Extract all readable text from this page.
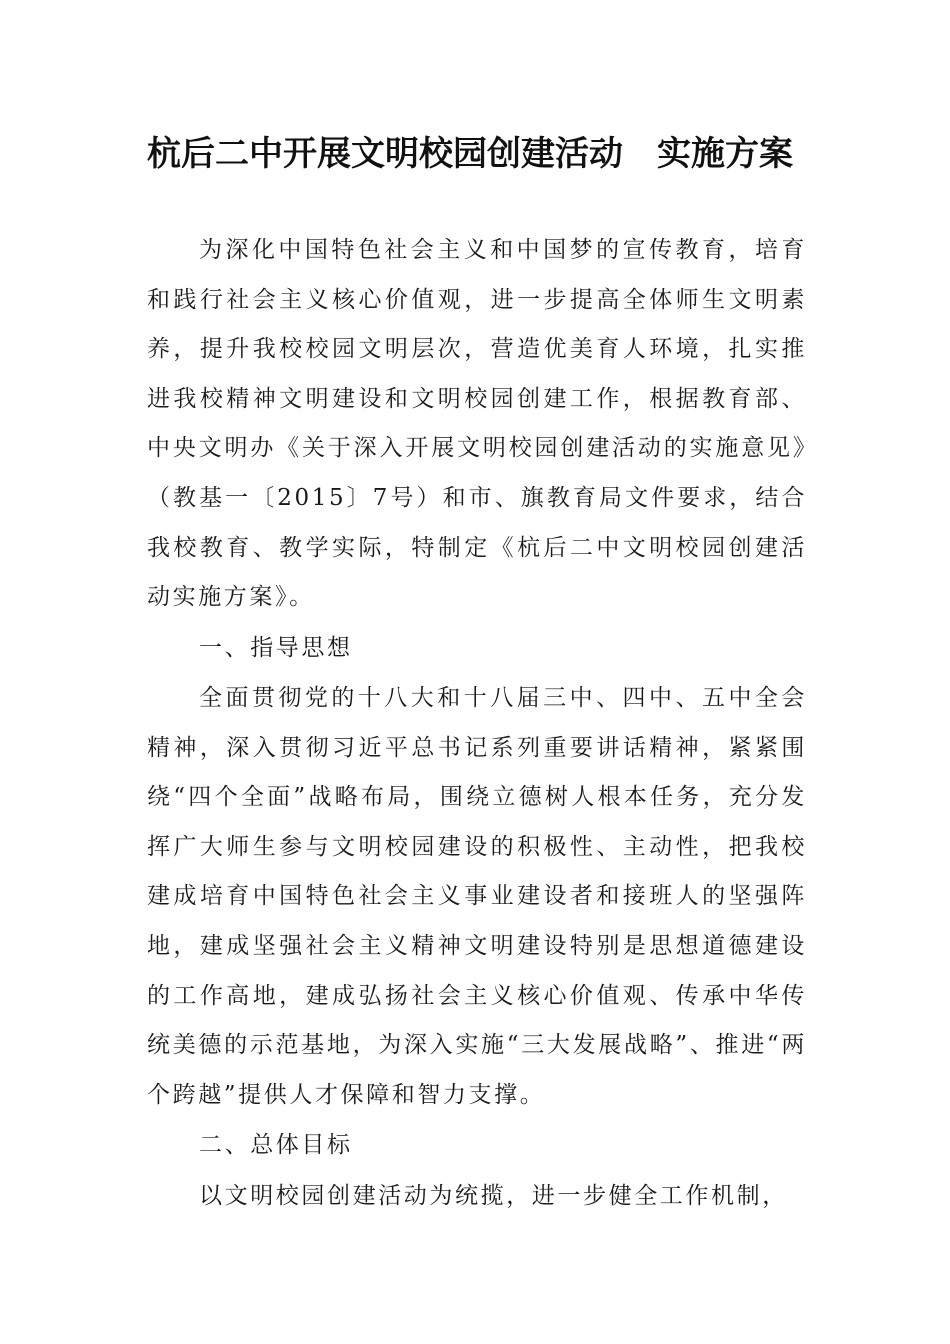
杭后二中开展文明校园创建活动　实施方案

为深化中国特色社会主义和中国梦的宣传教育，培育和践行社会主义核心价值观，进一步提高全体师生文明素养，提升我校校园文明层次，营造优美育人环境，扎实推进我校精神文明建设和文明校园创建工作，根据教育部、中央文明办《关于深入开展文明校园创建活动的实施意见》（教基一〔2015〕7号）和市、旗教育局文件要求，结合我校教育、教学实际，特制定《杭后二中文明校园创建活动实施方案》。

一、指导思想

全面贯彻党的十八大和十八届三中、四中、五中全会精神，深入贯彻习近平总书记系列重要讲话精神，紧紧围绕“四个全面”战略布局，围绕立德树人根本任务，充分发挥广大师生参与文明校园建设的积极性、主动性，把我校建成培育中国特色社会主义事业建设者和接班人的坚强阵地，建成坚强社会主义精神文明建设特别是思想道德建设的工作高地，建成弘扬社会主义核心价值观、传承中华传统美德的示范基地，为深入实施“三大发展战略”、推进“两个跨越”提供人才保障和智力支撑。

二、总体目标

以文明校园创建活动为统揽，进一步健全工作机制，
